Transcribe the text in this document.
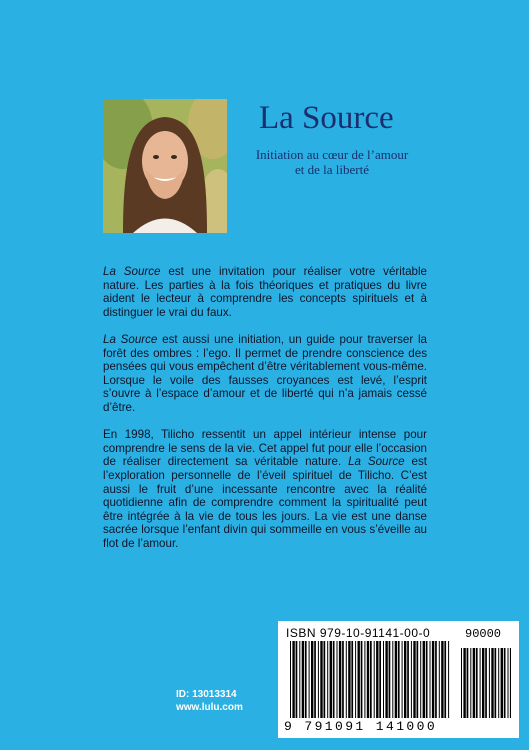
La Source
Initiation au cœur de l’amour
et de la liberté

La Source est une invitation pour réaliser votre véritable nature. Les parties à la fois théoriques et pratiques du livre aident le lecteur à comprendre les concepts spirituels et à distinguer le vrai du faux.

La Source est aussi une initiation, un guide pour traverser la forêt des ombres : l’ego. Il permet de prendre conscience des pensées qui vous empêchent d’être véritablement vous-même. Lorsque le voile des fausses croyances est levé, l’esprit s’ouvre à l’espace d’amour et de liberté qui n’a jamais cessé d’être.

En 1998, Tilicho ressentit un appel intérieur intense pour comprendre le sens de la vie. Cet appel fut pour elle l’occasion de réaliser directement sa véritable nature. La Source est l’exploration personnelle de l’éveil spirituel de Tilicho. C’est aussi le fruit d’une incessante rencontre avec la réalité quotidienne afin de comprendre comment la spiritualité peut être intégrée à la vie de tous les jours. La vie est une danse sacrée lorsque l’enfant divin qui sommeille en vous s’éveille au flot de l’amour.

ID: 13013314
www.lulu.com
ISBN 979-10-91141-00-0	90000
9 791091 141000
